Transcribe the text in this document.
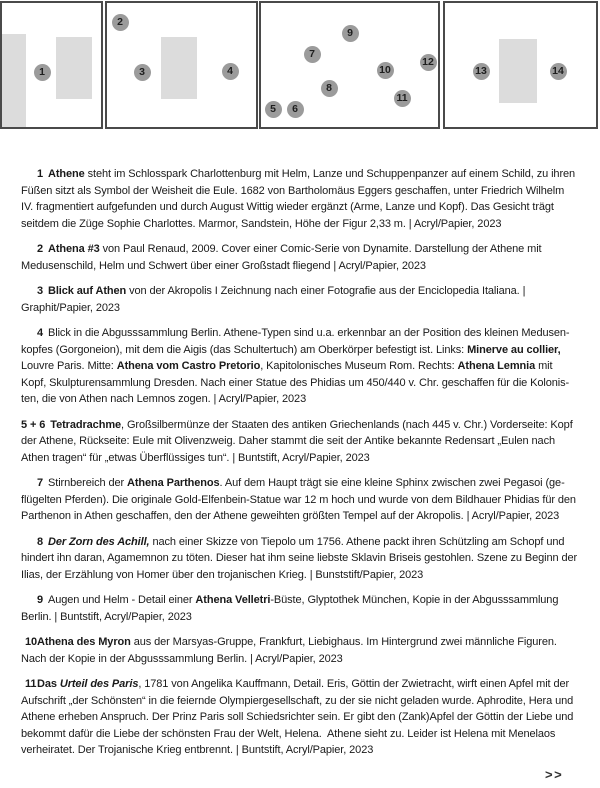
1
2
3	4
5	6
7
8
9
10
11
12
13	14

1 Athene steht im Schlosspark Charlottenburg mit Helm, Lanze und Schuppenpanzer auf einem Schild, zu ihren Füßen sitzt als Symbol der Weisheit die Eule. 1682 von Bartholomäus Eggers geschaffen, unter Friedrich Wilhelm IV. fragmentiert aufgefunden und durch August Wittig wieder ergänzt (Arme, Lanze und Kopf). Das Gesicht trägt seitdem die Züge Sophie Charlottes. Marmor, Sandstein, Höhe der Figur 2,33 m. | Acryl/Papier, 2023

2 Athena #3 von Paul Renaud, 2009. Cover einer Comic-Serie von Dynamite. Darstellung der Athene mit Medusenschild, Helm und Schwert über einer Großstadt fliegend | Acryl/Papier, 2023

3 Blick auf Athen von der Akropolis I Zeichnung nach einer Fotografie aus der Enciclopedia Italiana. | Graphit/Papier, 2023

4 Blick in die Abgusssammlung Berlin. Athene-Typen sind u.a. erkennbar an der Position des kleinen Medusenkopfes (Gorgoneion), mit dem die Aigis (das Schultertuch) am Oberkörper befestigt ist. Links: Minerve au collier, Louvre Paris. Mitte: Athena vom Castro Pretorio, Kapitolonisches Museum Rom. Rechts: Athena Lemnia mit Kopf, Skulpturensammlung Dresden. Nach einer Statue des Phidias um 450/440 v. Chr. geschaffen für die Kolonisten, die von Athen nach Lemnos zogen. | Acryl/Papier, 2023

5 + 6 Tetradrachme, Großsilbermünze der Staaten des antiken Griechenlands (nach 445 v. Chr.) Vorderseite: Kopf der Athene, Rückseite: Eule mit Olivenzweig. Daher stammt die seit der Antike bekannte Redensart „Eulen nach Athen tragen“ für „etwas Überflüssiges tun“. | Buntstift, Acryl/Papier, 2023

7 Stirnbereich der Athena Parthenos. Auf dem Haupt trägt sie eine kleine Sphinx zwischen zwei Pegasoi (geflügelten Pferden). Die originale Gold-Elfenbein-Statue war 12 m hoch und wurde von dem Bildhauer Phidias für den Parthenon in Athen geschaffen, den der Athene geweihten größten Tempel auf der Akropolis. | Acryl/Papier, 2023

8 Der Zorn des Achill, nach einer Skizze von Tiepolo um 1756. Athene packt ihren Schützling am Schopf und hindert ihn daran, Agamemnon zu töten. Dieser hat ihm seine liebste Sklavin Briseis gestohlen. Szene zu Beginn der Ilias, der Erzählung von Homer über den trojanischen Krieg. | Bunststift/Papier, 2023

9 Augen und Helm - Detail einer Athena Velletri-Büste, Glyptothek München, Kopie in der Abgusssammlung Berlin. | Buntstift, Acryl/Papier, 2023

10Athena des Myron aus der Marsyas-Gruppe, Frankfurt, Liebighaus. Im Hintergrund zwei männliche Figuren. Nach der Kopie in der Abgusssammlung Berlin. | Acryl/Papier, 2023

11Das Urteil des Paris, 1781 von Angelika Kauffmann, Detail. Eris, Göttin der Zwietracht, wirft einen Apfel mit der Aufschrift „der Schönsten“ in die feiernde Olympiergesellschaft, zu der sie nicht geladen wurde. Aphrodite, Hera und Athene erheben Anspruch. Der Prinz Paris soll Schiedsrichter sein. Er gibt den (Zank)Apfel der Göttin der Liebe und bekommt dafür die Liebe der schönsten Frau der Welt, Helena.  Athene sieht zu. Leider ist Helena mit Menelaos verheiratet. Der Trojanische Krieg entbrennt. | Buntstift, Acryl/Papier, 2023

>>
